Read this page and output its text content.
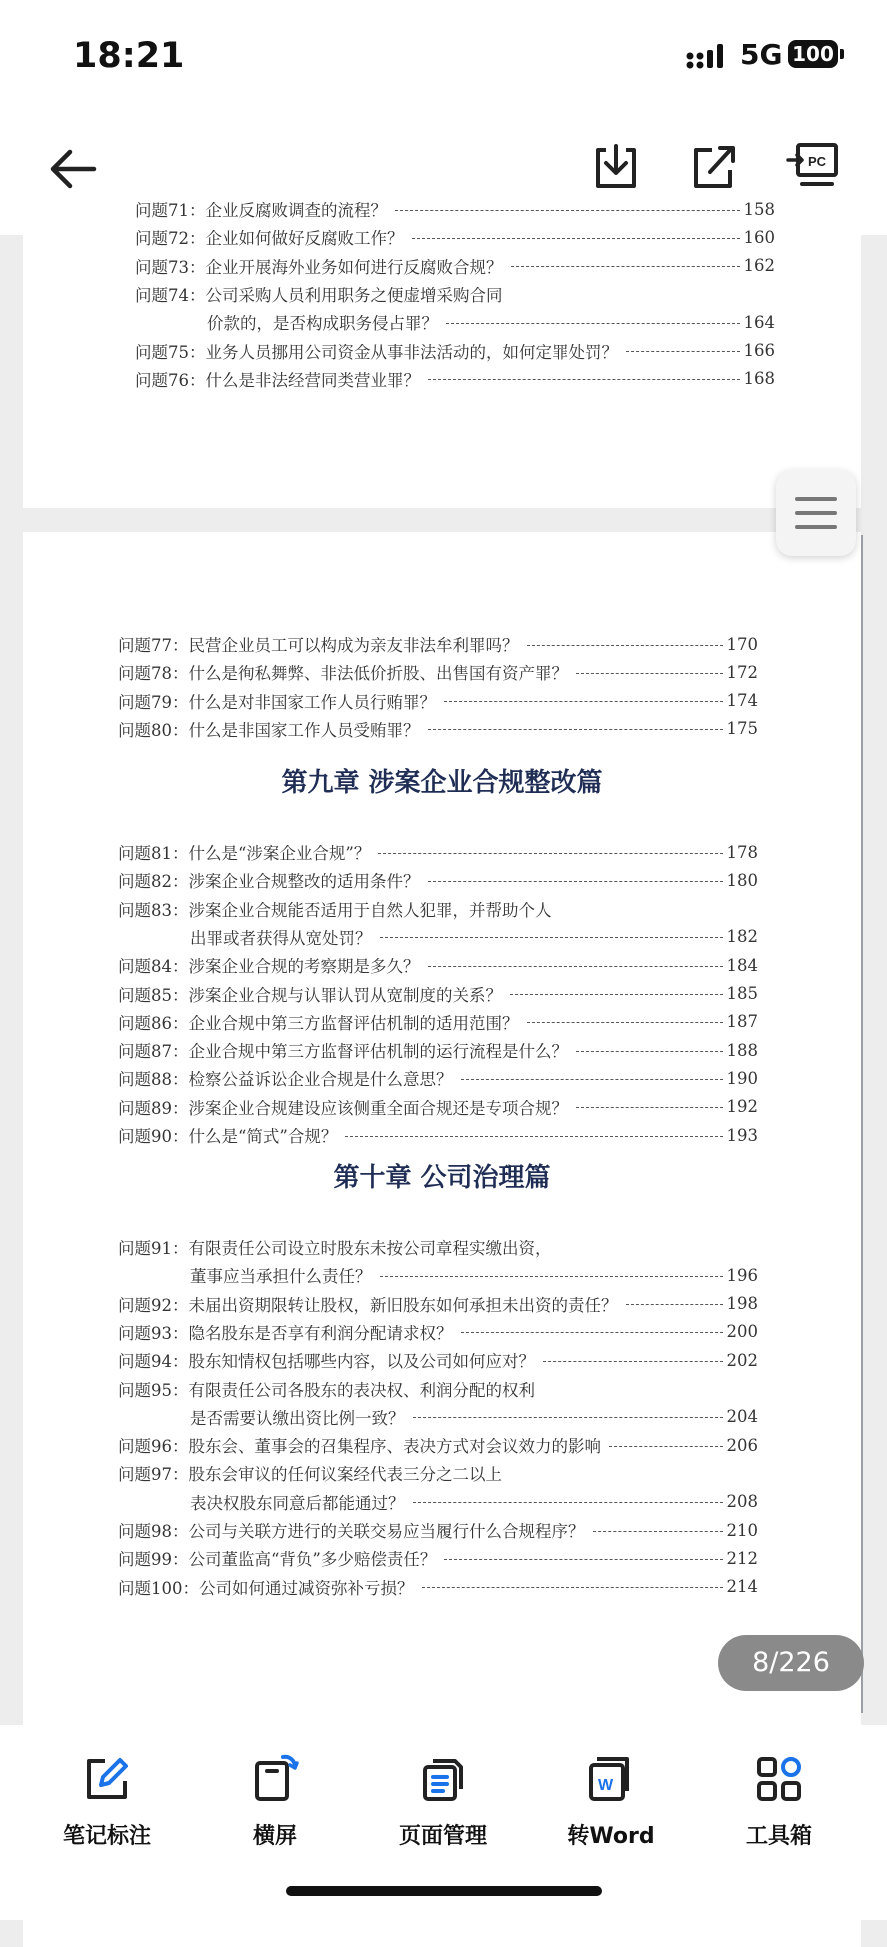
18:21	5G 100
PC
问题71： 企业反腐败调查的流程？	158
问题72： 企业如何做好反腐败工作？	160
问题73： 企业开展海外业务如何进行反腐败合规？	162
问题74： 公司采购人员利用职务之便虚增采购合同
价款的，是否构成职务侵占罪？	164
问题75： 业务人员挪用公司资金从事非法活动的，如何定罪处罚？	166
问题76： 什么是非法经营同类营业罪？	168
问题77： 民营企业员工可以构成为亲友非法牟利罪吗？	170
问题78： 什么是徇私舞弊、非法低价折股、出售国有资产罪？	172
问题79： 什么是对非国家工作人员行贿罪？	174
问题80： 什么是非国家工作人员受贿罪？	175
第九章 涉案企业合规整改篇
问题81： 什么是“涉案企业合规”？	178
问题82： 涉案企业合规整改的适用条件？	180
问题83： 涉案企业合规能否适用于自然人犯罪，并帮助个人
出罪或者获得从宽处罚？	182
问题84： 涉案企业合规的考察期是多久？	184
问题85： 涉案企业合规与认罪认罚从宽制度的关系？	185
问题86： 企业合规中第三方监督评估机制的适用范围？	187
问题87： 企业合规中第三方监督评估机制的运行流程是什么？	188
问题88： 检察公益诉讼企业合规是什么意思？	190
问题89： 涉案企业合规建设应该侧重全面合规还是专项合规？	192
问题90： 什么是“简式”合规？	193
第十章 公司治理篇
问题91： 有限责任公司设立时股东未按公司章程实缴出资，
董事应当承担什么责任？	196
问题92： 未届出资期限转让股权，新旧股东如何承担未出资的责任？	198
问题93： 隐名股东是否享有利润分配请求权？	200
问题94： 股东知情权包括哪些内容，以及公司如何应对？	202
问题95： 有限责任公司各股东的表决权、利润分配的权利
是否需要认缴出资比例一致？	204
问题96： 股东会、董事会的召集程序、表决方式对会议效力的影响	206
问题97： 股东会审议的任何议案经代表三分之二以上
表决权股东同意后都能通过？	208
问题98： 公司与关联方进行的关联交易应当履行什么合规程序？	210
问题99： 公司董监高“背负”多少赔偿责任？	212
问题100： 公司如何通过减资弥补亏损？	214
8/226
笔记标注	横屏	页面管理
W
转Word	工具箱
